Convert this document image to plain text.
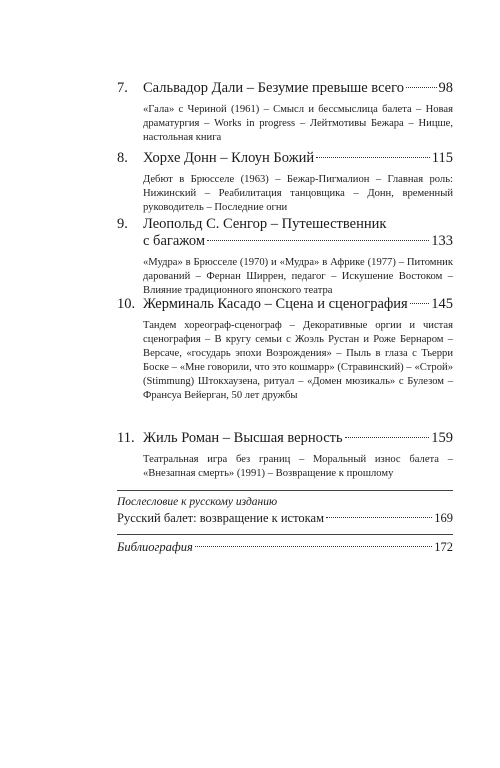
7.	Сальвадор Дали – Безумие превыше всего 98
«Гала» с Чериной (1961) – Смысл и бессмыслица балета – Новая драматургия – Works in progress – Лейтмотивы Бежара – Ницше, настольная книга
8.	Хорхе Донн – Клоун Божий	115
Дебют в Брюсселе (1963) – Бежар-Пигмалион – Главная роль: Нижинский – Реабилитация танцовщика – Донн, временный руководитель – Последние огни
9.	Леопольд С. Сенгор – Путешественник
с багажом	133
«Мудра» в Брюсселе (1970) и «Мудра» в Африке (1977) – Питомник дарований – Фернан Ширрен, педагог – Искушение Востоком – Влияние традиционного японского театра
10. Жерминаль Касадо – Сцена и сценография 145
Тандем хореограф-сценограф – Декоративные оргии и чистая сценография – В кругу семьи с Жоэль Рустан и Роже Бернаром – Версаче, «государь эпохи Возрождения» – Пыль в глаза с Тьерри Боске – «Мне говорили, что это кошмарр» (Стравинский) – «Строй» (Stimmung) Штокхаузена, ритуал – «Домен мюзикаль» с Булезом – Франсуа Вейерган, 50 лет дружбы
11. Жиль Роман – Высшая верность	159
Театральная игра без границ – Моральный износ балета – «Внезапная смерть» (1991) – Возвращение к прошлому
Послесловие к русскому изданию
Русский балет: возвращение к истокам	169
Библиография	172
